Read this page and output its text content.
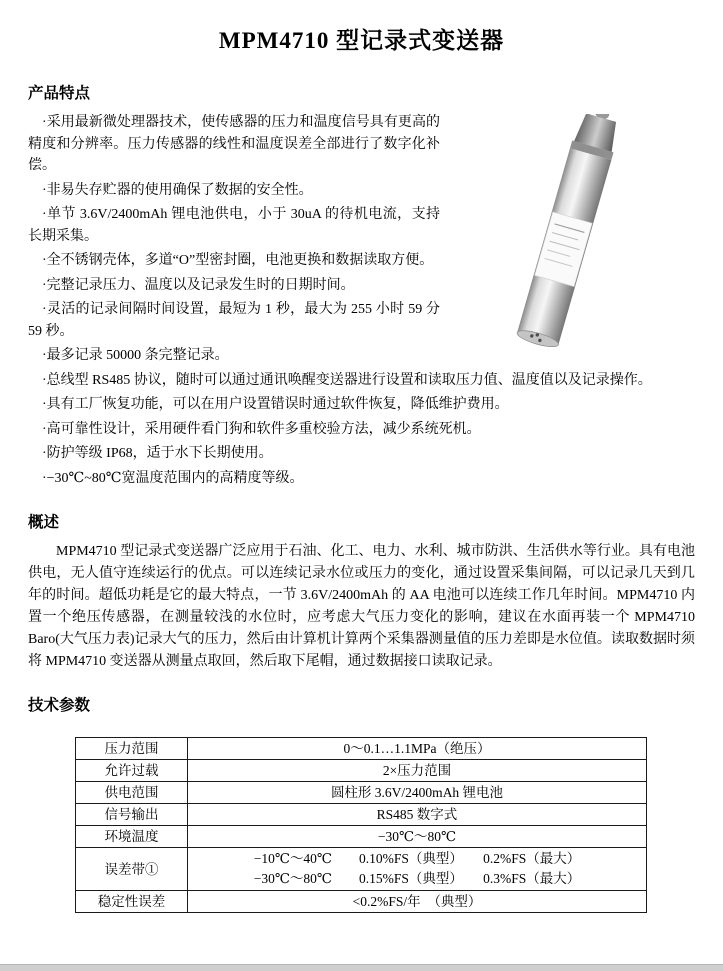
MPM4710 型记录式变送器
产品特点

·采用最新微处理器技术，使传感器的压力和温度信号具有更高的精度和分辨率。压力传感器的线性和温度误差全部进行了数字化补偿。

·非易失存贮器的使用确保了数据的安全性。

·单节 3.6V/2400mAh 锂电池供电，小于 30uA 的待机电流，支持长期采集。

·全不锈钢壳体，多道“O”型密封圈，电池更换和数据读取方便。

·完整记录压力、温度以及记录发生时的日期时间。

·灵活的记录间隔时间设置，最短为 1 秒，最大为 255 小时 59 分 59 秒。

·最多记录 50000 条完整记录。

·总线型 RS485 协议，随时可以通过通讯唤醒变送器进行设置和读取压力值、温度值以及记录操作。

·具有工厂恢复功能，可以在用户设置错误时通过软件恢复，降低维护费用。

·高可靠性设计，采用硬件看门狗和软件多重校验方法，减少系统死机。

·防护等级 IP68，适于水下长期使用。

·−30℃~80℃宽温度范围内的高精度等级。

概述

MPM4710 型记录式变送器广泛应用于石油、化工、电力、水利、城市防洪、生活供水等行业。具有电池供电，无人值守连续运行的优点。可以连续记录水位或压力的变化，通过设置采集间隔，可以记录几天到几年的时间。超低功耗是它的最大特点，一节 3.6V/2400mAh 的 AA 电池可以连续工作几年时间。MPM4710 内置一个绝压传感器，在测量较浅的水位时，应考虑大气压力变化的影响，建议在水面再装一个 MPM4710 Baro(大气压力表)记录大气的压力，然后由计算机计算两个采集器测量值的压力差即是水位值。读取数据时须将 MPM4710 变送器从测量点取回，然后取下尾帽，通过数据接口读取记录。

技术参数
压力范围	0～0.1…1.1MPa（绝压）
允许过载	2×压力范围
供电范围	圆柱形 3.6V/2400mAh 锂电池
信号输出	RS485 数字式
环境温度	−30℃～80℃
误差带①	−10℃～40℃　　0.10%FS（典型）　　0.2%FS（最大）
−30℃～80℃　　0.15%FS（典型）　　0.3%FS（最大）

稳定性误差	<0.2%FS/年　（典型）
